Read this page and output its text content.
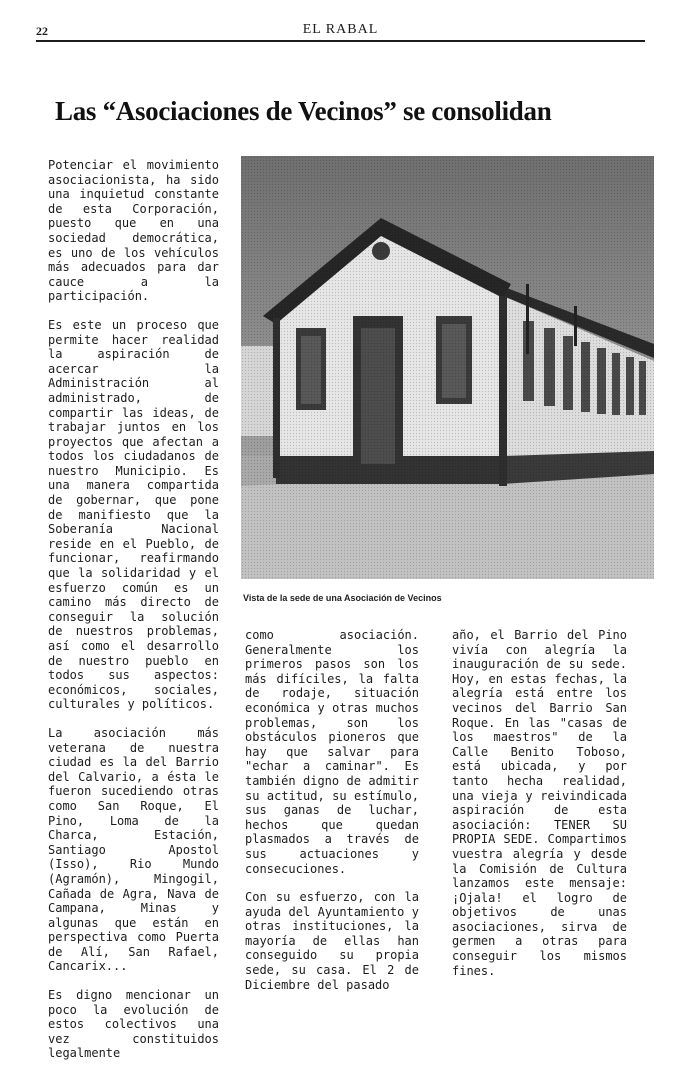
22	EL RABAL
Las “Asociaciones de Vecinos” se consolidan

Potenciar el movimiento asociacionista, ha sido una inquietud constante de esta Corporación, puesto que en una sociedad democrática, es uno de los vehículos más adecuados para dar cauce a la participación.

Es este un proceso que permite hacer realidad la aspiración de acercar la Administración al administrado, de compartir las ideas, de trabajar juntos en los proyectos que afectan a todos los ciudadanos de nuestro Municipio. Es una manera compartida de gobernar, que pone de manifiesto que la Soberanía Nacional reside en el Pueblo, de funcionar, reafirmando que la solidaridad y el esfuerzo común es un camino más directo de conseguir la solución de nuestros problemas, así como el desarrollo de nuestro pueblo en todos sus aspectos: económicos, sociales, culturales y políticos.

La asociación más veterana de nuestra ciudad es la del Barrio del Calvario, a ésta le fueron sucediendo otras como San Roque, El Pino, Loma de la Charca, Estación, Santiago Apostol (Isso), Rio Mundo (Agramón), Mingogil, Cañada de Agra, Nava de Campana, Minas y algunas que están en perspectiva como Puerta de Alí, San Rafael, Cancarix...

Es digno mencionar un poco la evolución de estos colectivos una vez constituidos legalmente

Vista de la sede de una Asociación de Vecinos

como asociación. Generalmente los primeros pasos son los más difíciles, la falta de rodaje, situación económica y otras muchos problemas, son los obstáculos pioneros que hay que salvar para "echar a caminar". Es también digno de admitir su actitud, su estímulo, sus ganas de luchar, hechos que quedan plasmados a través de sus actuaciones y consecuciones.

Con su esfuerzo, con la ayuda del Ayuntamiento y otras instituciones, la mayoría de ellas han conseguido su propia sede, su casa. El 2 de Diciembre del pasado

año, el Barrio del Pino vivía con alegría la inauguración de su sede. Hoy, en estas fechas, la alegría está entre los vecinos del Barrio San Roque. En las "casas de los maestros" de la Calle Benito Toboso, está ubicada, y por tanto hecha realidad, una vieja y reivindicada aspiración de esta asociación: TENER SU PROPIA SEDE. Compartimos vuestra alegría y desde la Comisión de Cultura lanzamos este mensaje: ¡Ojala! el logro de objetivos de unas asociaciones, sirva de germen a otras para conseguir los mismos fines.
